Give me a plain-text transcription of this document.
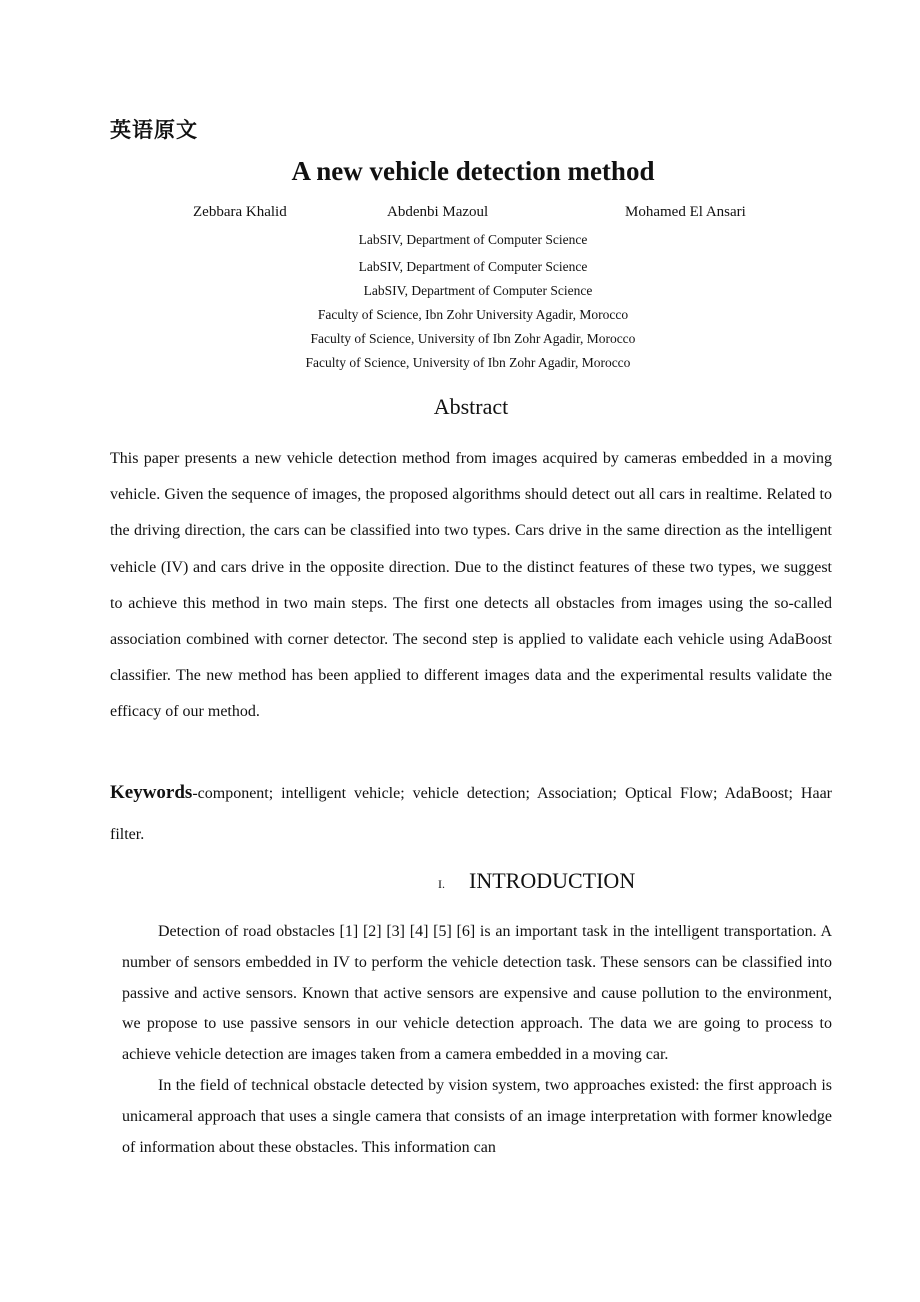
英语原文
A new vehicle detection method
Zebbara Khalid	Abdenbi Mazoul	Mohamed El Ansari
LabSIV, Department of Computer Science
LabSIV, Department of Computer Science
LabSIV, Department of Computer Science
Faculty of Science, Ibn Zohr University Agadir, Morocco
Faculty of Science, University of Ibn Zohr Agadir, Morocco
Faculty of Science, University of Ibn Zohr Agadir, Morocco
Abstract

This paper presents a new vehicle detection method from images acquired by cameras embedded in a moving vehicle. Given the sequence of images, the proposed algorithms should detect out all cars in realtime. Related to the driving direction, the cars can be classified into two types. Cars drive in the same direction as the intelligent vehicle (IV) and cars drive in the opposite direction. Due to the distinct features of these two types, we suggest to achieve this method in two main steps. The first one detects all obstacles from images using the so-called association combined with corner detector. The second step is applied to validate each vehicle using AdaBoost classifier. The new method has been applied to different images data and the experimental results validate the efficacy of our method.

Keywords-component; intelligent vehicle; vehicle detection; Association; Optical Flow; AdaBoost; Haar filter.

I. INTRODUCTION

Detection of road obstacles [1] [2] [3] [4] [5] [6] is an important task in the intelligent transportation. A number of sensors embedded in IV to perform the vehicle detection task. These sensors can be classified into passive and active sensors. Known that active sensors are expensive and cause pollution to the environment, we propose to use passive sensors in our vehicle detection approach. The data we are going to process to achieve vehicle detection are images taken from a camera embedded in a moving car.

In the field of technical obstacle detected by vision system, two approaches existed: the first approach is unicameral approach that uses a single camera that consists of an image interpretation with former knowledge of information about these obstacles. This information can
